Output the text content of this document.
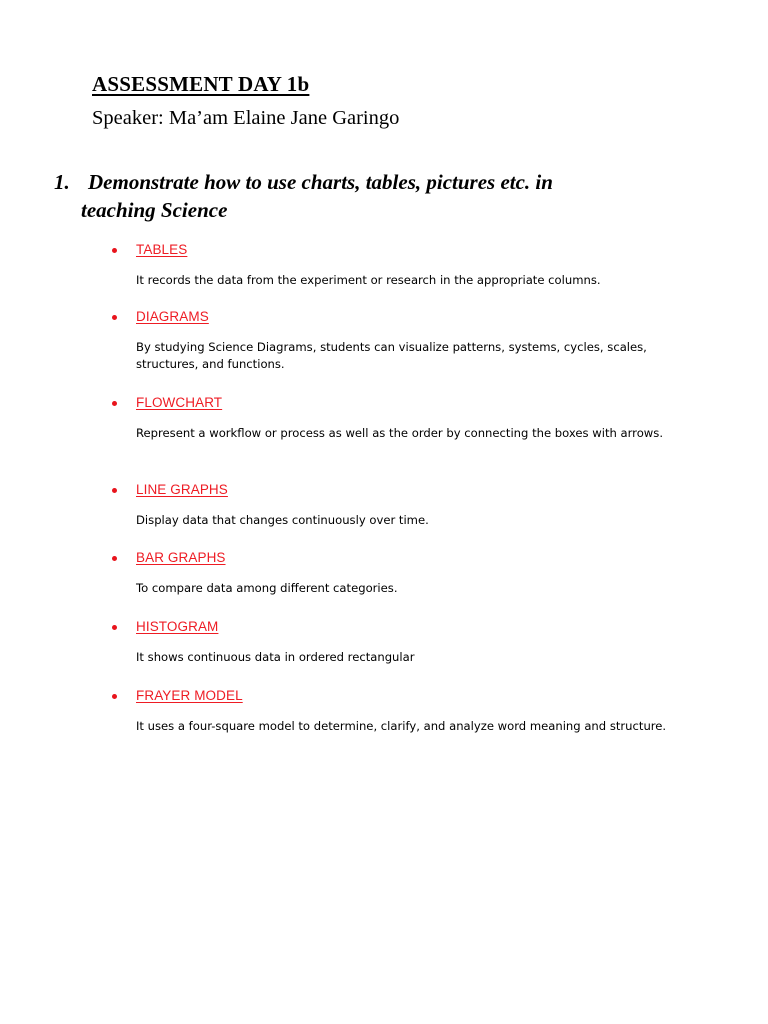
ASSESSMENT DAY 1b

Speaker: Ma’am Elaine Jane Garingo

1. Demonstrate how to use charts, tables, pictures etc. in
teaching Science
TABLES

It records the data from the experiment or research in the appropriate columns.

DIAGRAMS

By studying Science Diagrams, students can visualize patterns, systems, cycles, scales, structures, and functions.

FLOWCHART

Represent a workflow or process as well as the order by connecting the boxes with arrows.

LINE GRAPHS

Display data that changes continuously over time.

BAR GRAPHS

To compare data among different categories.

HISTOGRAM

It shows continuous data in ordered rectangular

FRAYER MODEL

It uses a four-square model to determine, clarify, and analyze word meaning and structure.
